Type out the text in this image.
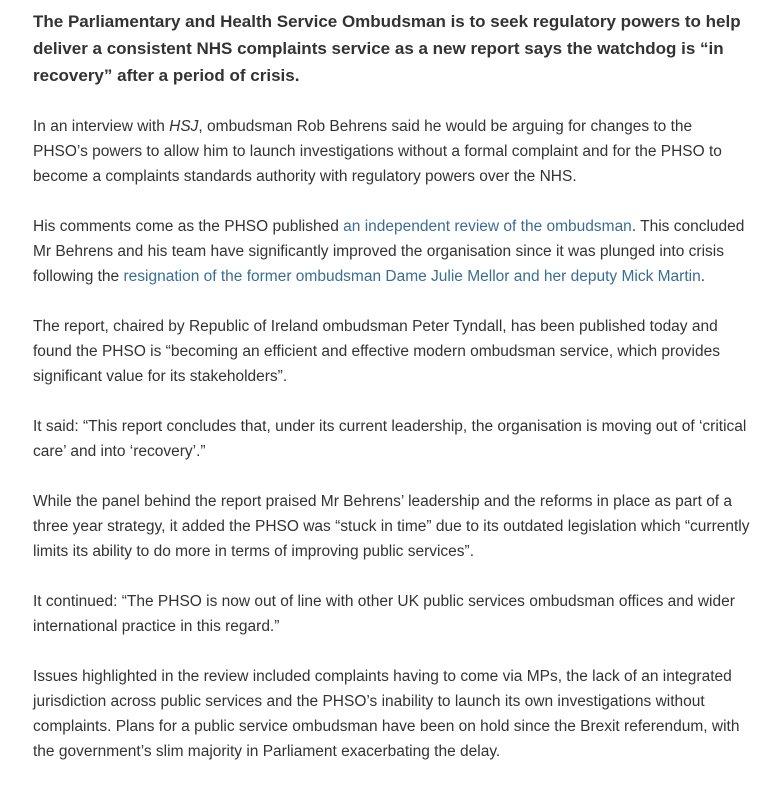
The Parliamentary and Health Service Ombudsman is to seek regulatory powers to help deliver a consistent NHS complaints service as a new report says the watchdog is “in recovery” after a period of crisis.

In an interview with HSJ, ombudsman Rob Behrens said he would be arguing for changes to the PHSO’s powers to allow him to launch investigations without a formal complaint and for the PHSO to become a complaints standards authority with regulatory powers over the NHS.

His comments come as the PHSO published an independent review of the ombudsman. This concluded Mr Behrens and his team have significantly improved the organisation since it was plunged into crisis following the resignation of the former ombudsman Dame Julie Mellor and her deputy Mick Martin.

The report, chaired by Republic of Ireland ombudsman Peter Tyndall, has been published today and found the PHSO is “becoming an efficient and effective modern ombudsman service, which provides significant value for its stakeholders”.

It said: “This report concludes that, under its current leadership, the organisation is moving out of ‘critical care’ and into ‘recovery’.”

While the panel behind the report praised Mr Behrens’ leadership and the reforms in place as part of a three year strategy, it added the PHSO was “stuck in time” due to its outdated legislation which “currently limits its ability to do more in terms of improving public services”.

It continued: “The PHSO is now out of line with other UK public services ombudsman offices and wider international practice in this regard.”

Issues highlighted in the review included complaints having to come via MPs, the lack of an integrated jurisdiction across public services and the PHSO’s inability to launch its own investigations without complaints. Plans for a public service ombudsman have been on hold since the Brexit referendum, with the government’s slim majority in Parliament exacerbating the delay.
